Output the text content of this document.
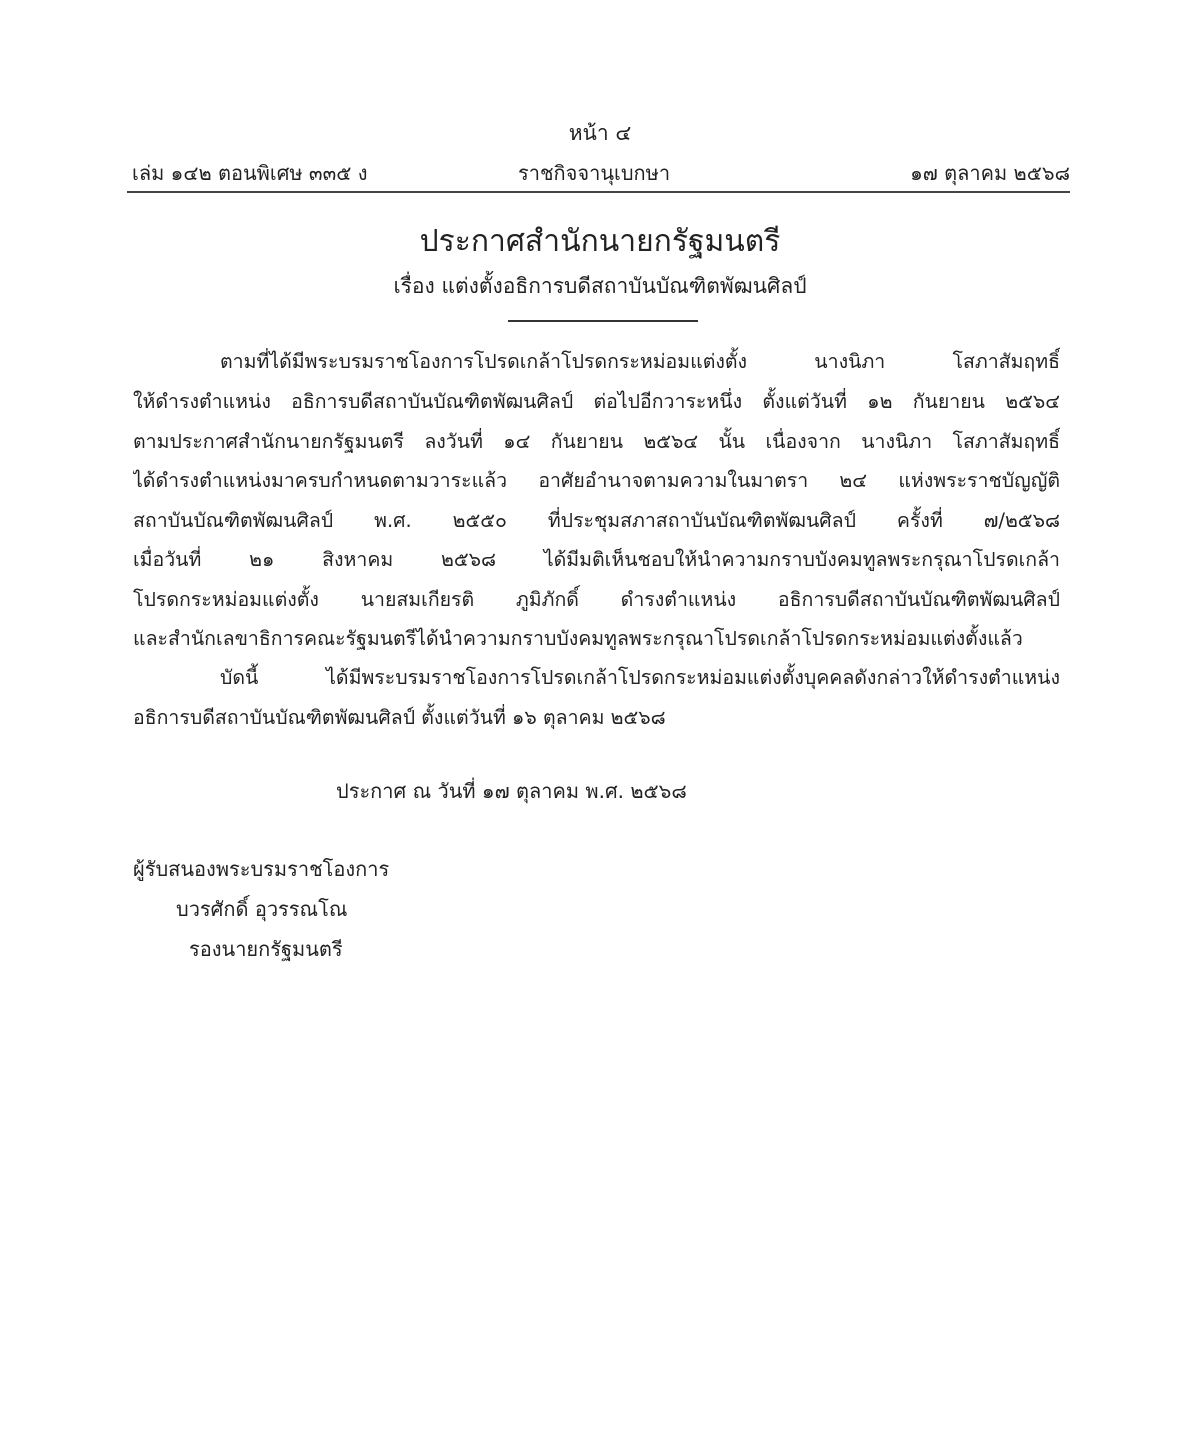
หน้า ๔
เล่ม ๑๔๒ ตอนพิเศษ ๓๓๕ ง	ราชกิจจานุเบกษา	๑๗ ตุลาคม ๒๕๖๘
ประกาศสำนักนายกรัฐมนตรี
เรื่อง แต่งตั้งอธิการบดีสถาบันบัณฑิตพัฒนศิลป์
ตามที่ได้มีพระบรมราชโองการโปรดเกล้าโปรดกระหม่อมแต่งตั้ง นางนิภา โสภาสัมฤทธิ์
ให้ดำรงตำแหน่ง อธิการบดีสถาบันบัณฑิตพัฒนศิลป์ ต่อไปอีกวาระหนึ่ง ตั้งแต่วันที่ ๑๒ กันยายน ๒๕๖๔
ตามประกาศสำนักนายกรัฐมนตรี ลงวันที่ ๑๔ กันยายน ๒๕๖๔ นั้น เนื่องจาก นางนิภา โสภาสัมฤทธิ์
ได้ดำรงตำแหน่งมาครบกำหนดตามวาระแล้ว อาศัยอำนาจตามความในมาตรา ๒๔ แห่งพระราชบัญญัติ
สถาบันบัณฑิตพัฒนศิลป์ พ.ศ. ๒๕๕๐ ที่ประชุมสภาสถาบันบัณฑิตพัฒนศิลป์ ครั้งที่ ๗/๒๕๖๘
เมื่อวันที่ ๒๑ สิงหาคม ๒๕๖๘ ได้มีมติเห็นชอบให้นำความกราบบังคมทูลพระกรุณาโปรดเกล้า
โปรดกระหม่อมแต่งตั้ง นายสมเกียรติ ภูมิภักดิ์ ดำรงตำแหน่ง อธิการบดีสถาบันบัณฑิตพัฒนศิลป์
และสำนักเลขาธิการคณะรัฐมนตรีได้นำความกราบบังคมทูลพระกรุณาโปรดเกล้าโปรดกระหม่อมแต่งตั้งแล้ว
บัดนี้ ได้มีพระบรมราชโองการโปรดเกล้าโปรดกระหม่อมแต่งตั้งบุคคลดังกล่าวให้ดำรงตำแหน่ง
อธิการบดีสถาบันบัณฑิตพัฒนศิลป์ ตั้งแต่วันที่ ๑๖ ตุลาคม ๒๕๖๘
ประกาศ ณ วันที่ ๑๗ ตุลาคม พ.ศ. ๒๕๖๘
ผู้รับสนองพระบรมราชโองการ
บวรศักดิ์ อุวรรณโณ
รองนายกรัฐมนตรี
